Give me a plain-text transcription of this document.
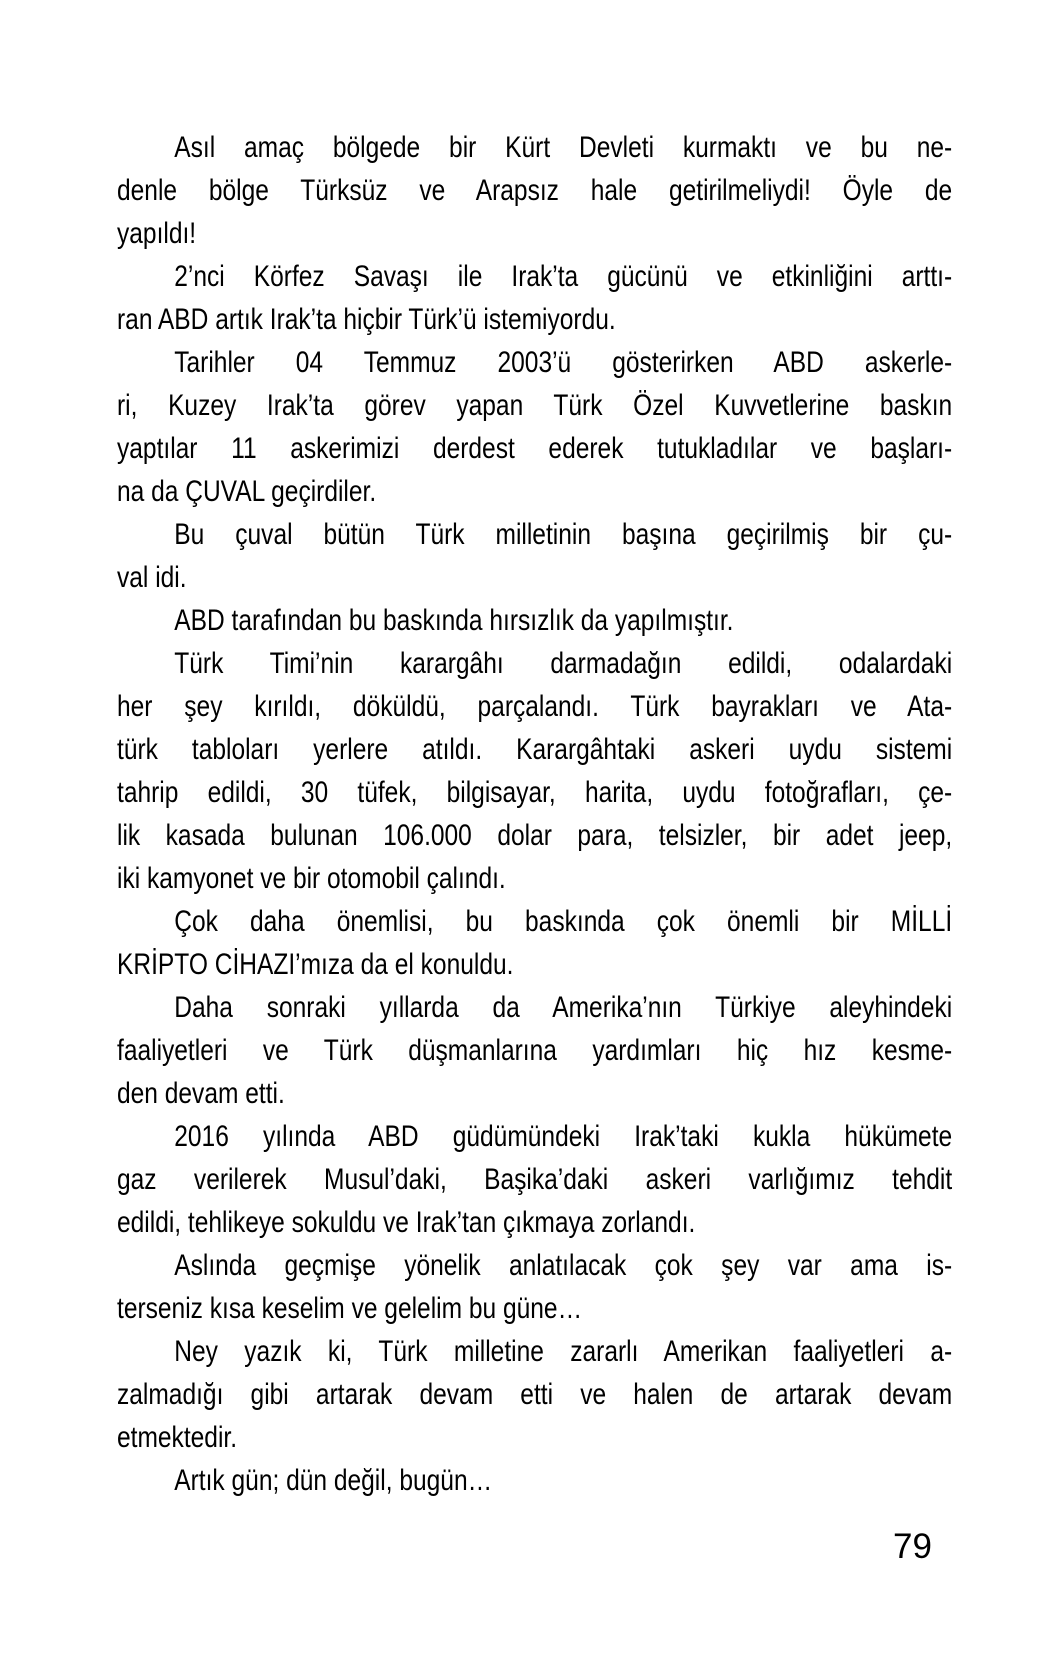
Asıl amaç bölgede bir Kürt Devleti kurmaktı ve bu ne-
denle bölge Türksüz ve Arapsız hale getirilmeliydi! Öyle de
yapıldı!
2’nci Körfez Savaşı ile Irak’ta gücünü ve etkinliğini arttı-
ran ABD artık Irak’ta hiçbir Türk’ü istemiyordu.
Tarihler 04 Temmuz 2003’ü gösterirken ABD askerle-
ri, Kuzey Irak’ta görev yapan Türk Özel Kuvvetlerine baskın
yaptılar 11 askerimizi derdest ederek tutukladılar ve başları-
na da ÇUVAL geçirdiler.
Bu çuval bütün Türk milletinin başına geçirilmiş bir çu-
val idi.
ABD tarafından bu baskında hırsızlık da yapılmıştır.
Türk Timi’nin karargâhı darmadağın edildi, odalardaki
her şey kırıldı, döküldü, parçalandı. Türk bayrakları ve Ata-
türk tabloları yerlere atıldı. Karargâhtaki askeri uydu sistemi
tahrip edildi, 30 tüfek, bilgisayar, harita, uydu fotoğrafları, çe-
lik kasada bulunan 106.000 dolar para, telsizler, bir adet jeep,
iki kamyonet ve bir otomobil çalındı.
Çok daha önemlisi, bu baskında çok önemli bir MİLLİ
KRİPTO CİHAZI’mıza da el konuldu.
Daha sonraki yıllarda da Amerika’nın Türkiye aleyhindeki
faaliyetleri ve Türk düşmanlarına yardımları hiç hız kesme-
den devam etti.
2016 yılında ABD güdümündeki Irak’taki kukla hükümete
gaz verilerek Musul’daki, Başika’daki askeri varlığımız tehdit
edildi, tehlikeye sokuldu ve Irak’tan çıkmaya zorlandı.
Aslında geçmişe yönelik anlatılacak çok şey var ama is-
terseniz kısa keselim ve gelelim bu güne…
Ney yazık ki, Türk milletine zararlı Amerikan faaliyetleri a-
zalmadığı gibi artarak devam etti ve halen de artarak devam
etmektedir.
Artık gün; dün değil, bugün…
79
